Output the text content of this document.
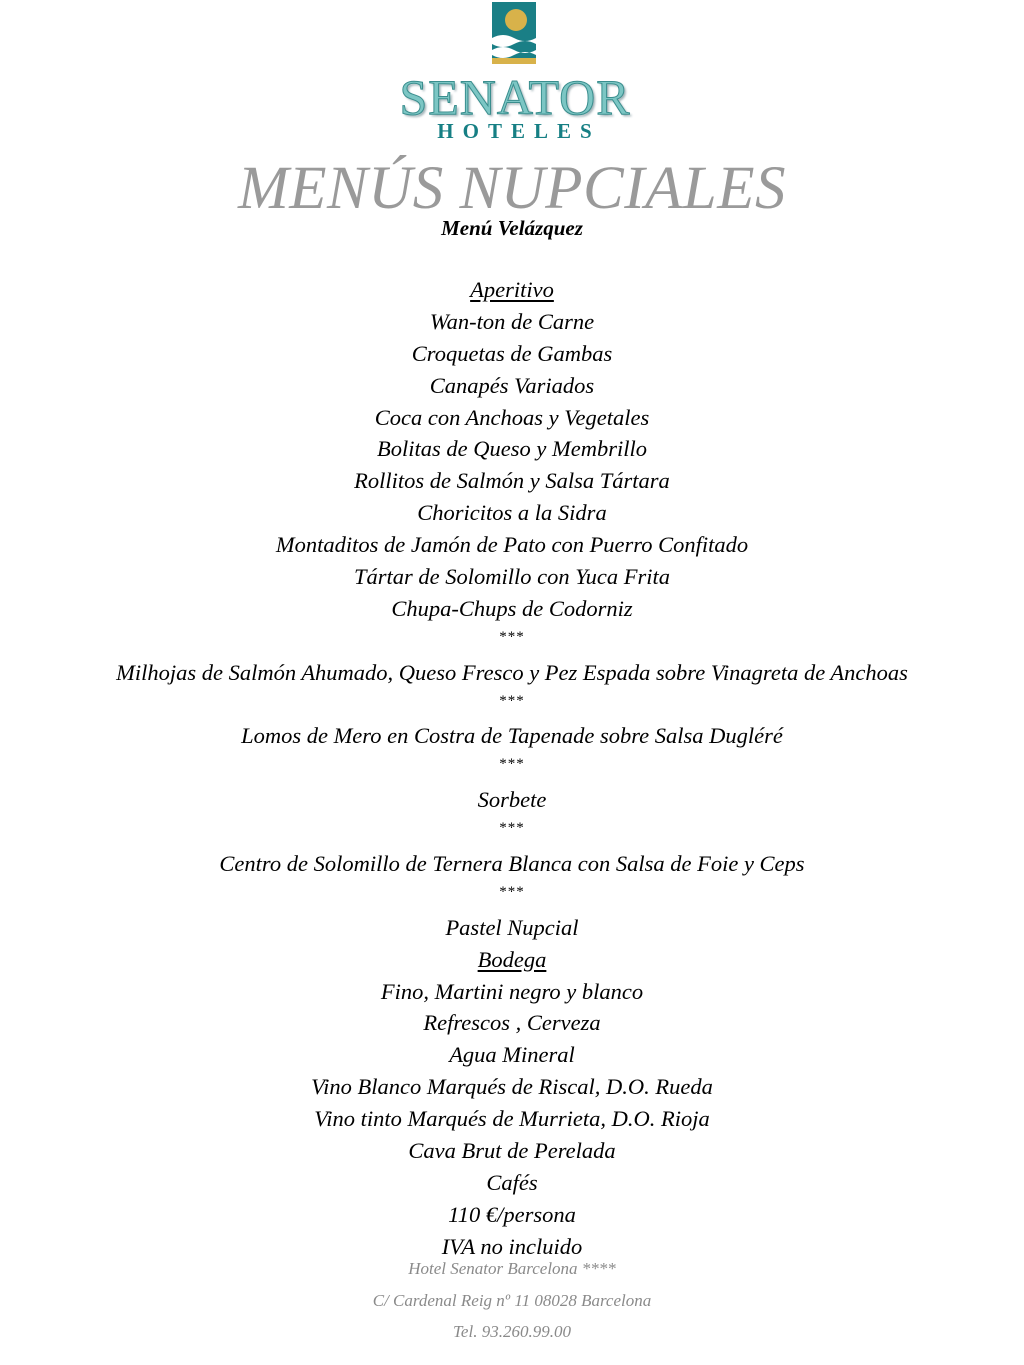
SENATOR
HOTELES
MENÚS NUPCIALES
Menú Velázquez
Aperitivo
Wan-ton de Carne
Croquetas de Gambas
Canapés Variados
Coca con Anchoas y Vegetales
Bolitas de Queso y Membrillo
Rollitos de Salmón y Salsa Tártara
Choricitos a la Sidra
Montaditos de Jamón de Pato con Puerro Confitado
Tártar de Solomillo con Yuca Frita
Chupa-Chups de Codorniz
***
Milhojas de Salmón Ahumado, Queso Fresco y Pez Espada sobre Vinagreta de Anchoas
***
Lomos de Mero en Costra de Tapenade sobre Salsa Dugléré
***
Sorbete
***
Centro de Solomillo de Ternera Blanca con Salsa de Foie y Ceps
***
Pastel Nupcial
Bodega
Fino, Martini negro y blanco
Refrescos , Cerveza
Agua Mineral
Vino Blanco Marqués de Riscal, D.O. Rueda
Vino tinto Marqués de Murrieta, D.O. Rioja
Cava Brut de Perelada
Cafés
110 €/persona
IVA no incluido
Hotel Senator Barcelona ****
C/ Cardenal Reig nº 11 08028 Barcelona
Tel. 93.260.99.00
